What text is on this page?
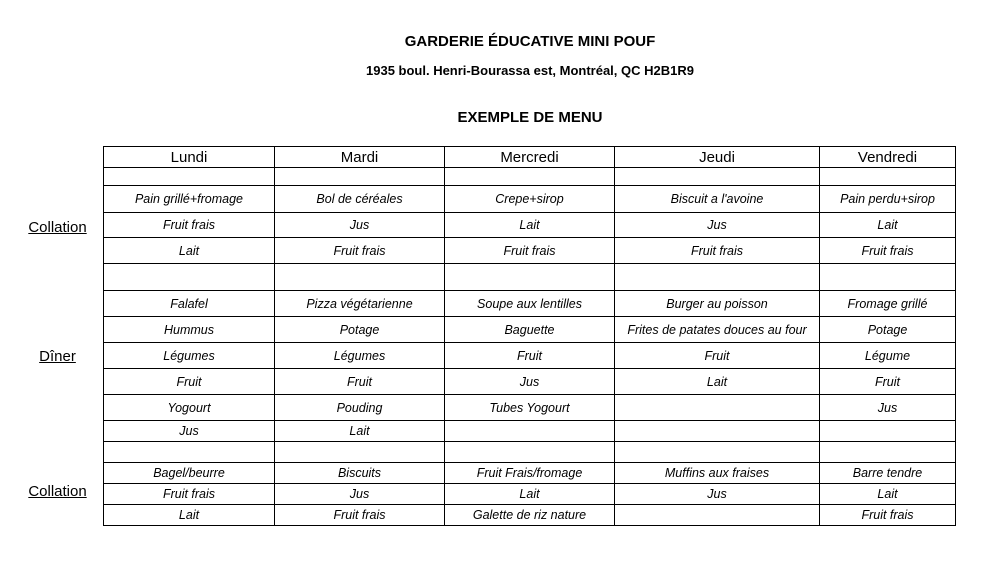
GARDERIE ÉDUCATIVE MINI POUF
1935 boul. Henri-Bourassa est, Montréal, QC H2B1R9
EXEMPLE DE MENU
Collation
Dîner
Collation
Lundi	Mardi	Mercredi	Jeudi	Vendredi

Pain grillé+fromage	Bol de céréales	Crepe+sirop	Biscuit a l'avoine	Pain perdu+sirop
Fruit frais	Jus	Lait	Jus	Lait
Lait	Fruit frais	Fruit frais	Fruit frais	Fruit frais

Falafel	Pizza végétarienne	Soupe aux lentilles	Burger au poisson	Fromage grillé
Hummus	Potage	Baguette	Frites de patates douces au four	Potage
Légumes	Légumes	Fruit	Fruit	Légume
Fruit	Fruit	Jus	Lait	Fruit
Yogourt	Pouding	Tubes Yogourt		Jus
Jus	Lait			

Bagel/beurre	Biscuits	Fruit Frais/fromage	Muffins aux fraises	Barre tendre
Fruit frais	Jus	Lait	Jus	Lait
Lait	Fruit frais	Galette de riz nature		Fruit frais
